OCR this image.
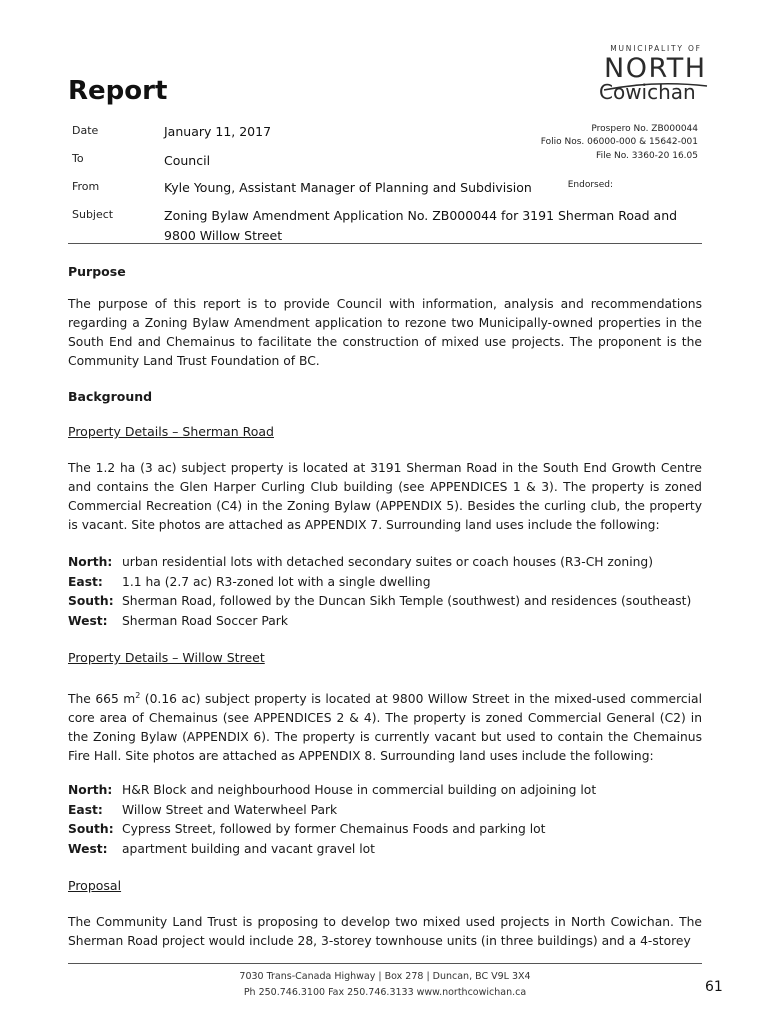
MUNICIPALITY OF
NORTH
Cowichan
Report
Date	January 11, 2017
To	Council
From	Kyle Young, Assistant Manager of Planning and Subdivision
Subject	Zoning Bylaw Amendment Application No. ZB000044 for 3191 Sherman Road and
9800 Willow Street
Prospero No. ZB000044
Folio Nos. 06000-000 & 15642-001
File No. 3360-20 16.05
Endorsed:
Purpose
The purpose of this report is to provide Council with information, analysis and recommendations regarding a Zoning Bylaw Amendment application to rezone two Municipally-owned properties in the South End and Chemainus to facilitate the construction of mixed use projects. The proponent is the Community Land Trust Foundation of BC.
Background
Property Details – Sherman Road
The 1.2 ha (3 ac) subject property is located at 3191 Sherman Road in the South End Growth Centre and contains the Glen Harper Curling Club building (see APPENDICES 1 & 3). The property is zoned Commercial Recreation (C4) in the Zoning Bylaw (APPENDIX 5). Besides the curling club, the property is vacant. Site photos are attached as APPENDIX 7. Surrounding land uses include the following:
North: urban residential lots with detached secondary suites or coach houses (R3-CH zoning)
East: 1.1 ha (2.7 ac) R3-zoned lot with a single dwelling
South: Sherman Road, followed by the Duncan Sikh Temple (southwest) and residences (southeast)
West: Sherman Road Soccer Park
Property Details – Willow Street
The 665 $m^2$ (0.16 ac) subject property is located at 9800 Willow Street in the mixed-used commercial core area of Chemainus (see APPENDICES 2 & 4). The property is zoned Commercial General (C2) in the Zoning Bylaw (APPENDIX 6). The property is currently vacant but used to contain the Chemainus Fire Hall. Site photos are attached as APPENDIX 8. Surrounding land uses include the following:
North: H&R Block and neighbourhood House in commercial building on adjoining lot
East: Willow Street and Waterwheel Park
South: Cypress Street, followed by former Chemainus Foods and parking lot
West: apartment building and vacant gravel lot
Proposal
The Community Land Trust is proposing to develop two mixed used projects in North Cowichan. The Sherman Road project would include 28, 3-storey townhouse units (in three buildings) and a 4-storey
7030 Trans-Canada Highway | Box 278 | Duncan, BC V9L 3X4
Ph 250.746.3100 Fax 250.746.3133 www.northcowichan.ca	61
